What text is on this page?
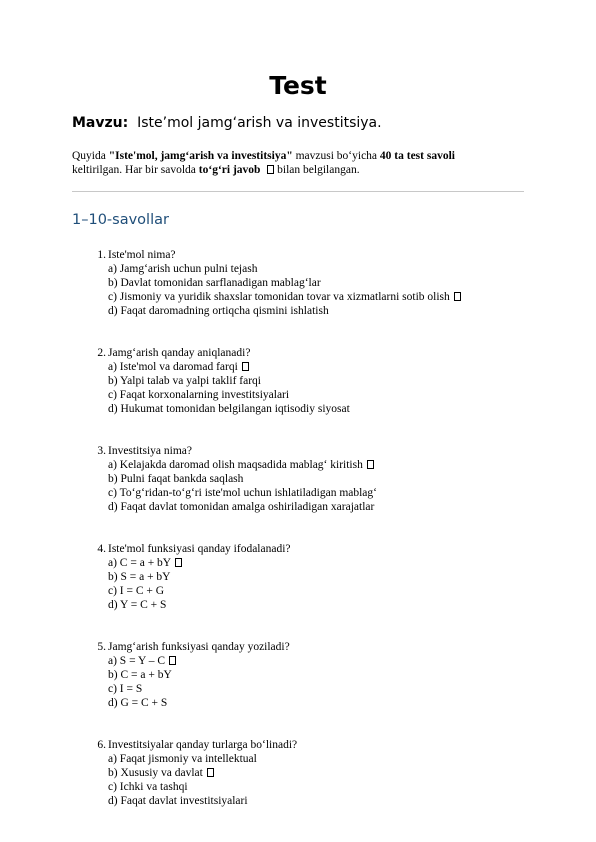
Test
Mavzu: Iste’mol jamg‘arish va investitsiya.
Quyida "Iste'mol, jamg‘arish va investitsiya" mavzusi bo‘yicha 40 ta test savoli
keltirilgan. Har bir savolda to‘g‘ri javob  bilan belgilangan.
1–10-savollar
1. Iste'mol nima?
a) Jamg‘arish uchun pulni tejash
b) Davlat tomonidan sarflanadigan mablag‘lar
c) Jismoniy va yuridik shaxslar tomonidan tovar va xizmatlarni sotib olish
d) Faqat daromadning ortiqcha qismini ishlatish
2. Jamg‘arish qanday aniqlanadi?
a) Iste'mol va daromad farqi
b) Yalpi talab va yalpi taklif farqi
c) Faqat korxonalarning investitsiyalari
d) Hukumat tomonidan belgilangan iqtisodiy siyosat
3. Investitsiya nima?
a) Kelajakda daromad olish maqsadida mablag‘ kiritish
b) Pulni faqat bankda saqlash
c) To‘g‘ridan-to‘g‘ri iste'mol uchun ishlatiladigan mablag‘
d) Faqat davlat tomonidan amalga oshiriladigan xarajatlar
4. Iste'mol funksiyasi qanday ifodalanadi?
a) C = a + bY
b) S = a + bY
c) I = C + G
d) Y = C + S
5. Jamg‘arish funksiyasi qanday yoziladi?
a) S = Y – C
b) C = a + bY
c) I = S
d) G = C + S
6. Investitsiyalar qanday turlarga bo‘linadi?
a) Faqat jismoniy va intellektual
b) Xususiy va davlat
c) Ichki va tashqi
d) Faqat davlat investitsiyalari
